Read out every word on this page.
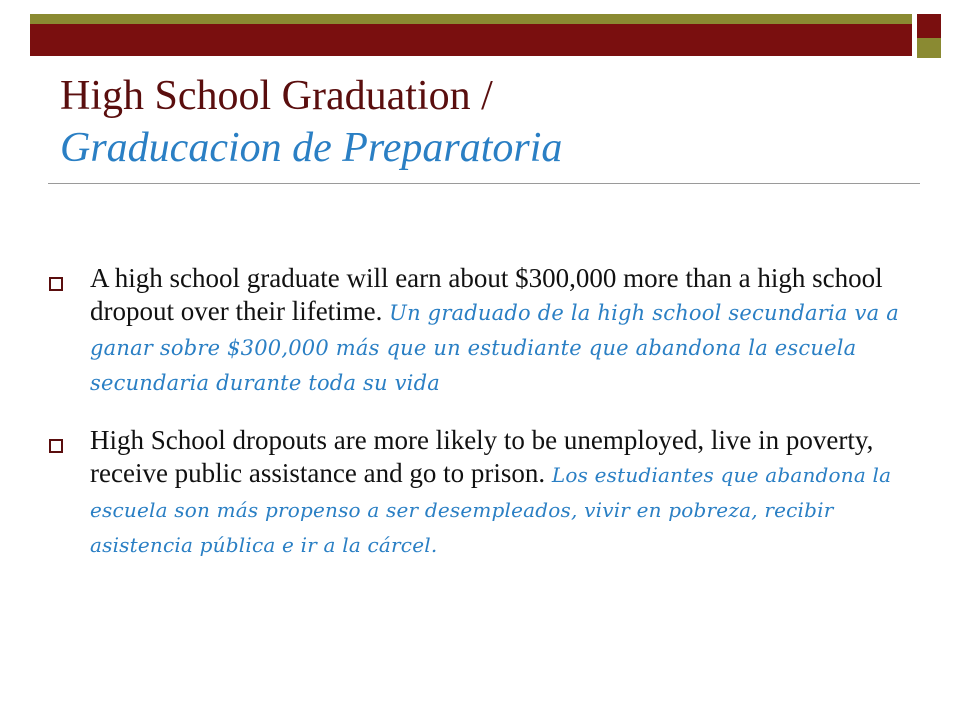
High School Graduation /
Graducacion de Preparatoria
A high school graduate will earn about $300,000 more than a high school dropout over their lifetime. Un graduado de la high school secundaria va a ganar sobre $300,000 más que un estudiante que abandona la escuela secundaria durante toda su vida
High School dropouts are more likely to be unemployed, live in poverty, receive public assistance and go to prison. Los estudiantes que abandona la escuela son más propenso a ser desempleados, vivir en pobreza, recibir asistencia pública e ir a la cárcel.
